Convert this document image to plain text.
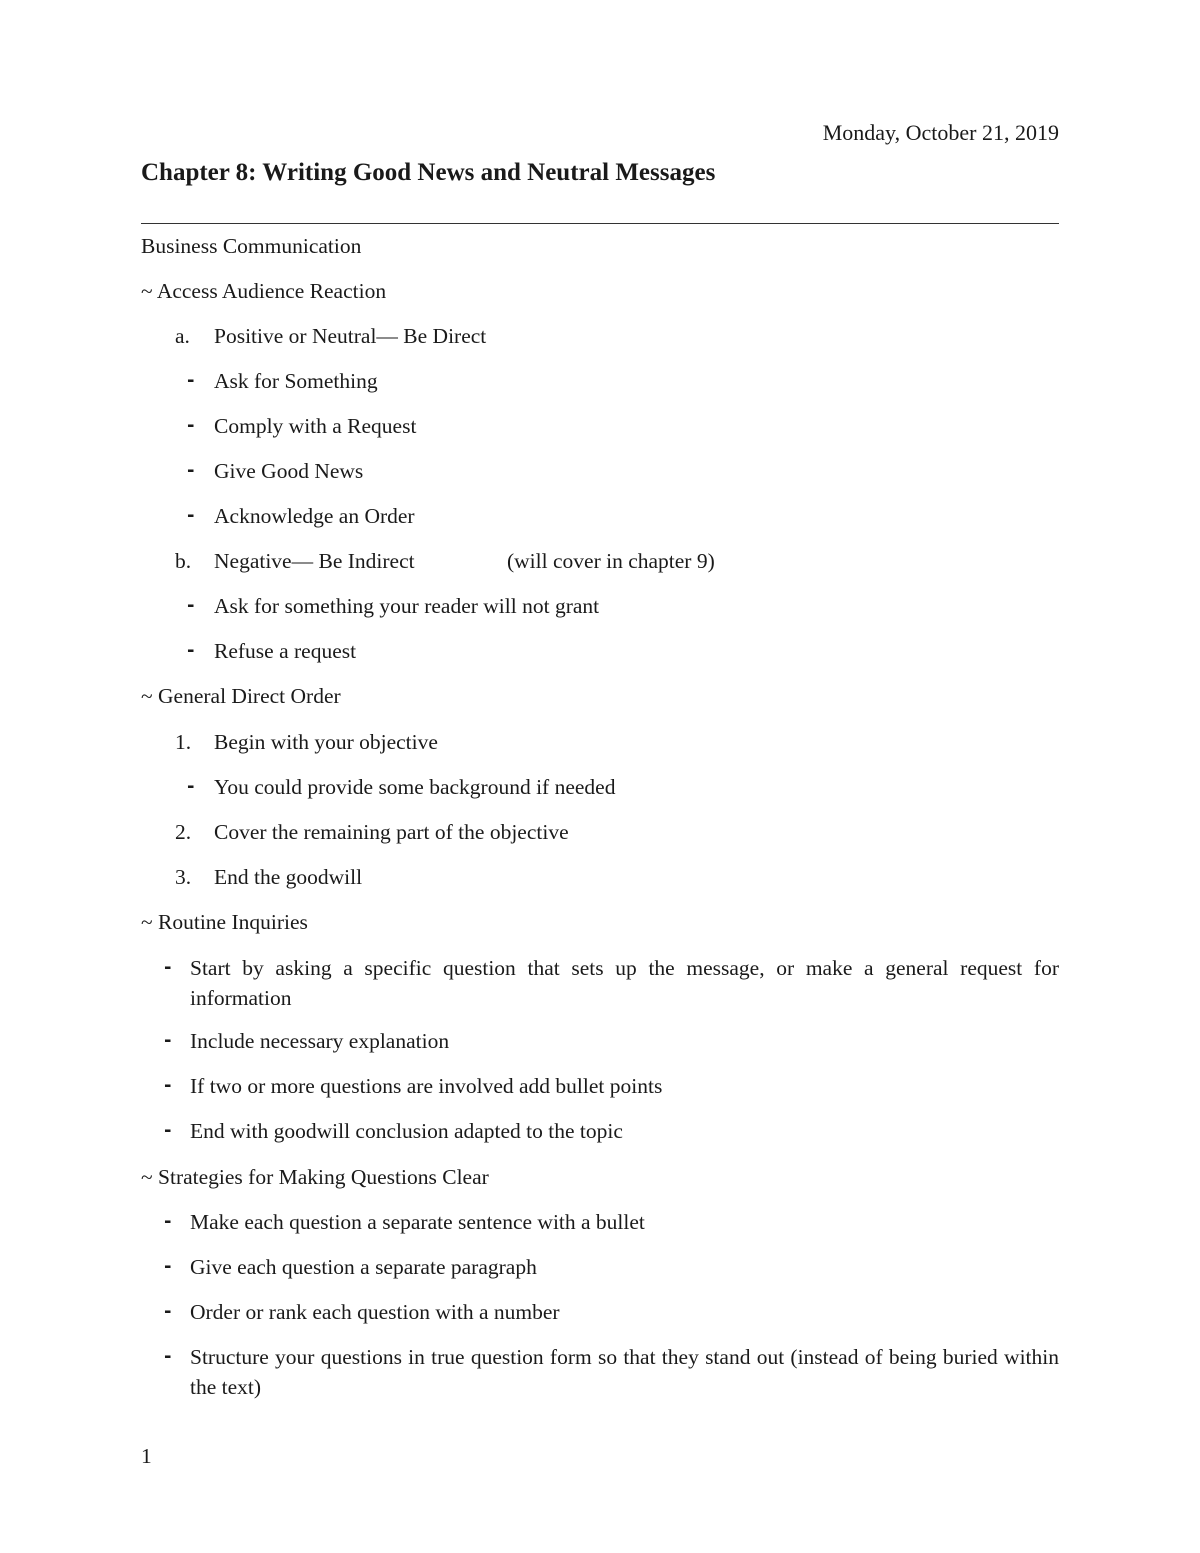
Monday, October 21, 2019
Chapter 8: Writing Good News and Neutral Messages
Business Communication
~ Access Audience Reaction
a. Positive or Neutral— Be Direct
- Ask for Something
- Comply with a Request
- Give Good News
- Acknowledge an Order
b. Negative— Be Indirect	(will cover in chapter 9)
- Ask for something your reader will not grant
- Refuse a request
~ General Direct Order
1. Begin with your objective
- You could provide some background if needed
2. Cover the remaining part of the objective
3. End the goodwill
~ Routine Inquiries
- Start by asking a specific question that sets up the message, or make a general request for information
- Include necessary explanation
- If two or more questions are involved add bullet points
- End with goodwill conclusion adapted to the topic
~ Strategies for Making Questions Clear
- Make each question a separate sentence with a bullet
- Give each question a separate paragraph
- Order or rank each question with a number
- Structure your questions in true question form so that they stand out (instead of being buried within the text)
1
